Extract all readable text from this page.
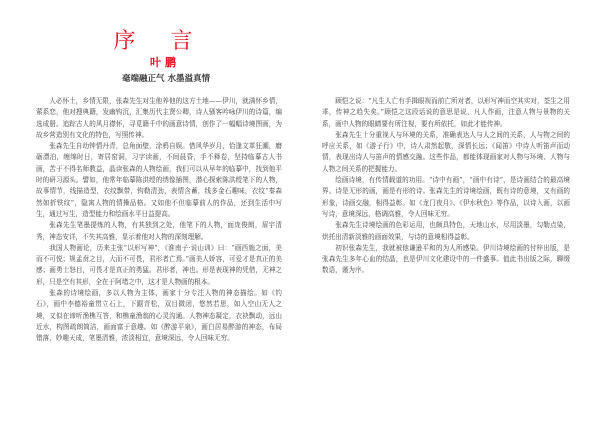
序 言
叶鹏
毫端融正气 水墨溢真情

人必怀土，乡情无限，张森先生对生他养他的这方土地——伊川，就满怀乡情，萦系恋，他对搜典籍，发幽钩沉，汇集历代主贤公卿，诗人骚客吟咏伊川的诗篇，编选成册。追踪古人的风月襟怀，寻觅籍千中的画意诗情，创作了一幅幅诗境图画，为故乡营造别有文化的特色，写照传神。

张森先生自幼钟情丹青，总角面壁，涂鸦自娱。惜风华岁月，恰逢文革狂潮，磨砺漂泊，缠绵时日，寄居窑洞，习字读画，不间晨昏，手不释卷，坚持临摹古人书画，苦于不得名师教益，晶读张森的人物绘画，我们可以从早年的临摹中，找到他平时的研习源头。譬如，他常年临摹陈洪绶的绣像插图，潜心探索陈洪绶笔下的人物，故事情节，线描造型，衣纹飘带，钩勒清劲，表情含蓄，线多金石趣味，衣纹“秦森然如折铁纹”，隐寓人物的情操品格。又如他不但临摹前人的作品，还到生活中写生，通过写生，造型能力和绘画水平日益提高。

张森先生笔墨提炼的人物，有其独到之处，他笔下的人物，面庞俊朗，眉宇清秀，神态安详，不失其高雅，显示着他对人物的深刻理解。

我国人物画论，历来主张“以形写神”，《淮南子·说山训》曰：“画西施之面，美而不可悦；规孟贲之目，大而不可畏，君形者亡焉。”画美人娇容，可爱才是真正的美感；画勇士怒目，可畏才是真正的勇猛。君形者，神也。形是表现神的凭借，无神之形，只是空有其形，全在于阿堵之中，这才是人物画的根本。

张森的诗境绘画，多以人物为主体，画家十分专注人物的神态描绘。如《钓石》，画中李德裕童贯立石上，下踞青松，双目微闭，悠然若思，如入空山无人之境，又似在谛听渔樵互答，和樵童渔翁的心灵沟通。人物神态凝定，衣袂飘动，远山近水，构图疏朗简洁，画面富于意趣。如《醉游平泉》，画白居易醉游的神态，布局错落，妙趣天成，笔墨清雅，浓淡相宜，意境深远，令人回味无穷。

顾恺之说：“凡生人亡有手揖眼视而前亡所对者，以形写神而空其实对，荃生之用乖，传神之趋失矣。”顾恺之这段话说的意思是说，凡人作画，注意人物与景物的关系，画中人物的眼睛要有所注视，要有所依托，如此才能传神。

张森先生十分重视人与环境的关系，准确表达人与人之间的关系，人与物之间的呼应关系，如《游子行》中，诗人肃然起敬，深情长远；《闻笛》中诗人听笛声而动情，表现出诗人与笛声的情感交融。这些作品，都能体现画家对人物与环境、人物与人物之间关系的把握能力。

绘画诗境，有传情载道的功用。“诗中有画”，“画中有诗”，是诗画结合的最高境界。诗是无形的画，画是有形的诗。张森先生的诗境绘画，既有诗的意境，又有画的形象，诗画交融，相得益彰。如《龙门夜月》、《伊水秋色》等作品，以诗入画，以画写诗，意境深远，格调高雅，令人回味无穷。

张森先生诗境绘画的色彩运用，也颇具特色，天地山水，尽用淡墨，勾勒点染，烘托出清新淡雅的画面效果，与诗的意境相得益彰。

初识张森先生，我就被他谦逊平和的为人所感染。伊川诗境绘画的付梓出版，是张森先生多年心血的结晶，也是伊川文化建设中的一件盛事。值此书出版之际，聊缀数语，谨为序。
